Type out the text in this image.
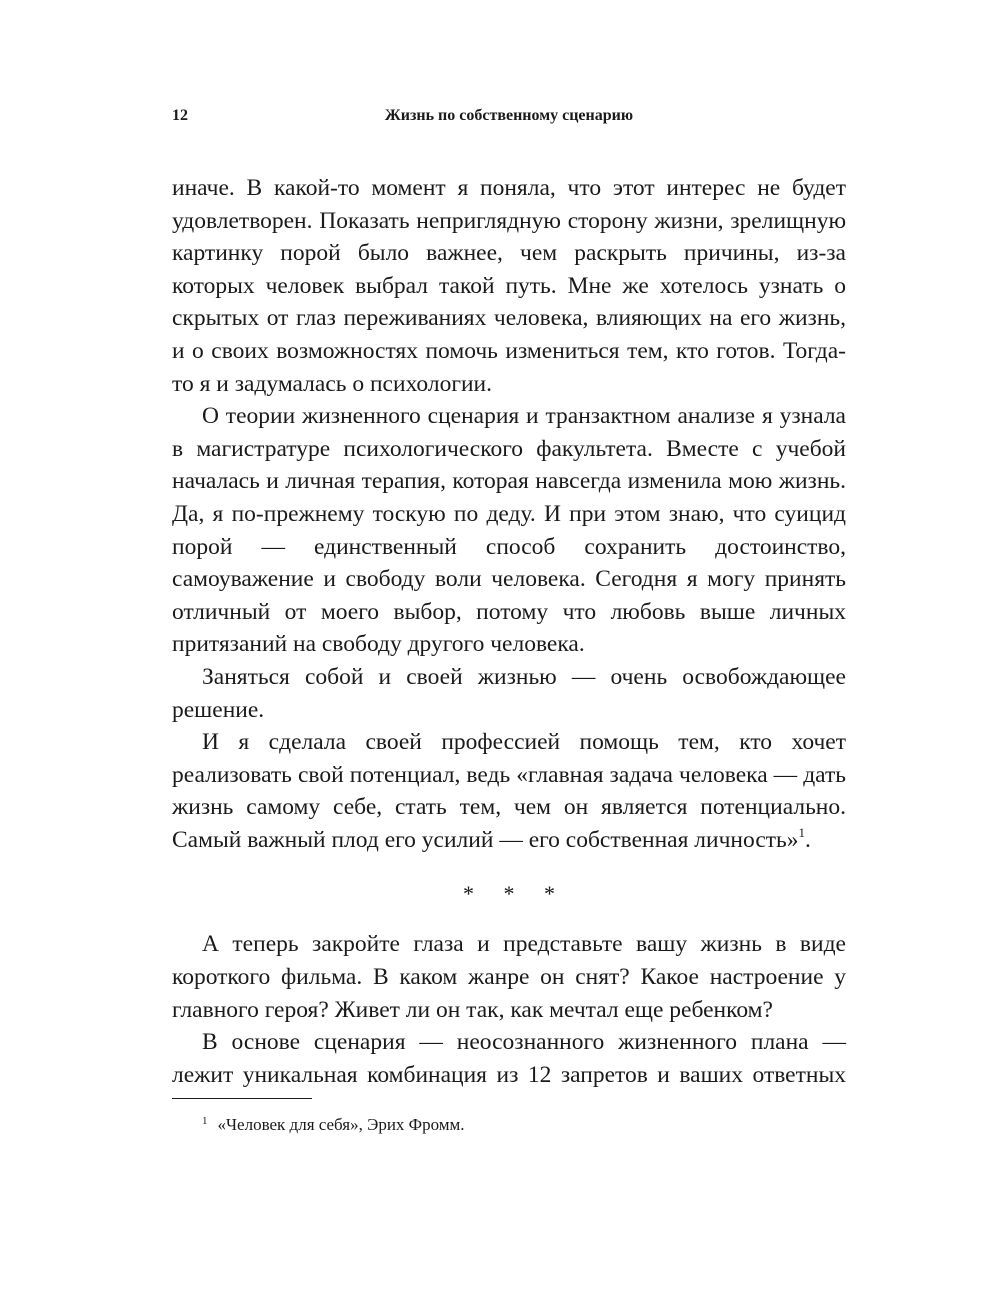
12	Жизнь по собственному сценарию

иначе. В какой-то момент я поняла, что этот интерес не будет удовлетворен. Показать неприглядную сторону жизни, зрелищную картинку порой было важнее, чем раскрыть причины, из-за которых человек выбрал такой путь. Мне же хотелось узнать о скрытых от глаз переживаниях человека, влияющих на его жизнь, и о своих возможностях помочь измениться тем, кто готов. Тогда-то я и задумалась о психологии.

О теории жизненного сценария и транзактном анализе я узнала в магистратуре психологического факультета. Вместе с учебой началась и личная терапия, которая навсегда изменила мою жизнь. Да, я по-прежнему тоскую по деду. И при этом знаю, что суицид порой — единственный способ сохранить достоинство, самоуважение и свободу воли человека. Сегодня я могу принять отличный от моего выбор, потому что любовь выше личных притязаний на свободу другого человека.

Заняться собой и своей жизнью — очень освобождающее решение.

И я сделала своей профессией помощь тем, кто хочет реализовать свой потенциал, ведь «главная задача человека — дать жизнь самому себе, стать тем, чем он является потенциально. Самый важный плод его усилий — его собственная личность»$^1$.

* * *

А теперь закройте глаза и представьте вашу жизнь в виде короткого фильма. В каком жанре он снят? Какое настроение у главного героя? Живет ли он так, как мечтал еще ребенком?

В основе сценария — неосознанного жизненного плана — лежит уникальная комбинация из 12 запретов и ваших ответных

$^1$ «Человек для себя», Эрих Фромм.
